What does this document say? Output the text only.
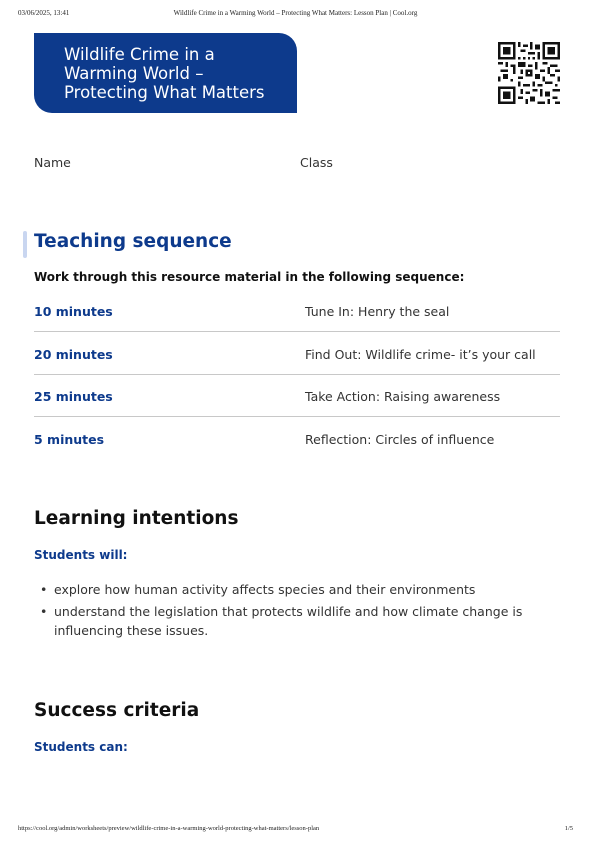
03/06/2025, 13:41	Wildlife Crime in a Warming World – Protecting What Matters: Lesson Plan | Cool.org
Wildlife Crime in a
Warming World –
Protecting What Matters
Name	Class
Teaching sequence
Work through this resource material in the following sequence:
10 minutes	Tune In: Henry the seal
20 minutes	Find Out: Wildlife crime- it’s your call
25 minutes	Take Action: Raising awareness
5 minutes	Reflection: Circles of influence
Learning intentions
Students will:
• explore how human activity affects species and their environments
• understand the legislation that protects wildlife and how climate change is influencing these issues.
Success criteria
Students can:
https://cool.org/admin/worksheets/preview/wildlife-crime-in-a-warming-world-protecting-what-matters/lesson-plan	1/5
